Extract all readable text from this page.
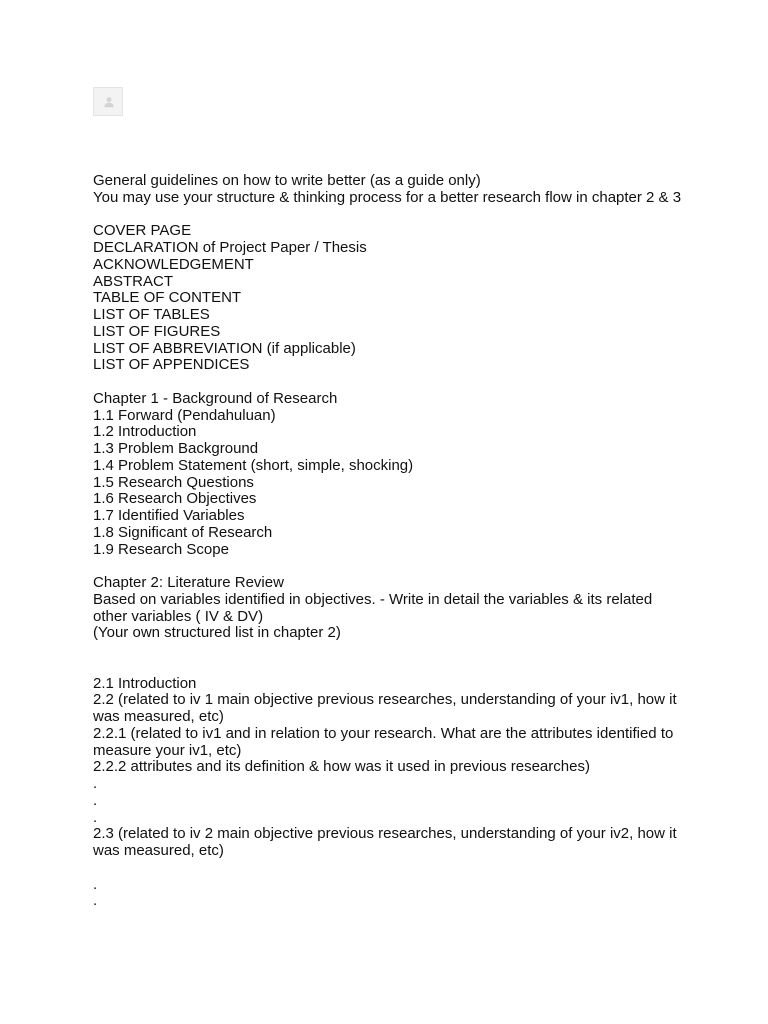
General guidelines on how to write better (as a guide only)
You may use your structure & thinking process for a better research flow in chapter 2 & 3
COVER PAGE
DECLARATION of Project Paper / Thesis
ACKNOWLEDGEMENT
ABSTRACT
TABLE OF CONTENT
LIST OF TABLES
LIST OF FIGURES
LIST OF ABBREVIATION (if applicable)
LIST OF APPENDICES
Chapter 1 - Background of Research
1.1 Forward (Pendahuluan)
1.2 Introduction
1.3 Problem Background
1.4 Problem Statement (short, simple, shocking)
1.5 Research Questions
1.6 Research Objectives
1.7 Identified Variables
1.8 Significant of Research
1.9 Research Scope
Chapter 2: Literature Review
Based on variables identified in objectives. - Write in detail the variables & its related other variables ( IV & DV)
(Your own structured list in chapter 2)
2.1 Introduction
2.2 (related to iv 1 main objective previous researches, understanding of your iv1, how it was measured, etc)
2.2.1 (related to iv1 and in relation to your research. What are the attributes identified to measure your iv1, etc)
2.2.2 attributes and its definition & how was it used in previous researches)
.
.
.
2.3 (related to iv 2 main objective previous researches, understanding of your iv2, how it was measured, etc)
.
.
